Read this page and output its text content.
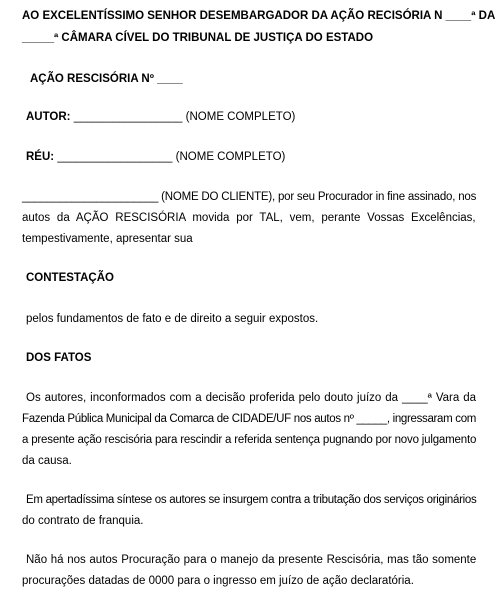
AO EXCELENTÍSSIMO SENHOR DESEMBARGADOR DA AÇÃO RECISÓRIA N ____ª DA
_____ª CÂMARA CÍVEL DO TRIBUNAL DE JUSTIÇA DO ESTADO
AÇÃO RESCISÓRIA Nº ____
AUTOR: _________________ (NOME COMPLETO)
RÉU: __________________ (NOME COMPLETO)
______________________ (NOME DO CLIENTE), por seu Procurador in fine assinado, nos
autos da AÇÃO RESCISÓRIA movida por TAL, vem, perante Vossas Excelências,
tempestivamente, apresentar sua
CONTESTAÇÃO
pelos fundamentos de fato e de direito a seguir expostos.
DOS FATOS
Os autores, inconformados com a decisão proferida pelo douto juízo da ____ª Vara da
Fazenda Pública Municipal da Comarca de CIDADE/UF nos autos nº _____, ingressaram com
a presente ação rescisória para rescindir a referida sentença pugnando por novo julgamento
da causa.
Em apertadíssima síntese os autores se insurgem contra a tributação dos serviços originários
do contrato de franquia.
Não há nos autos Procuração para o manejo da presente Rescisória, mas tão somente
procurações datadas de 0000 para o ingresso em juízo de ação declaratória.
